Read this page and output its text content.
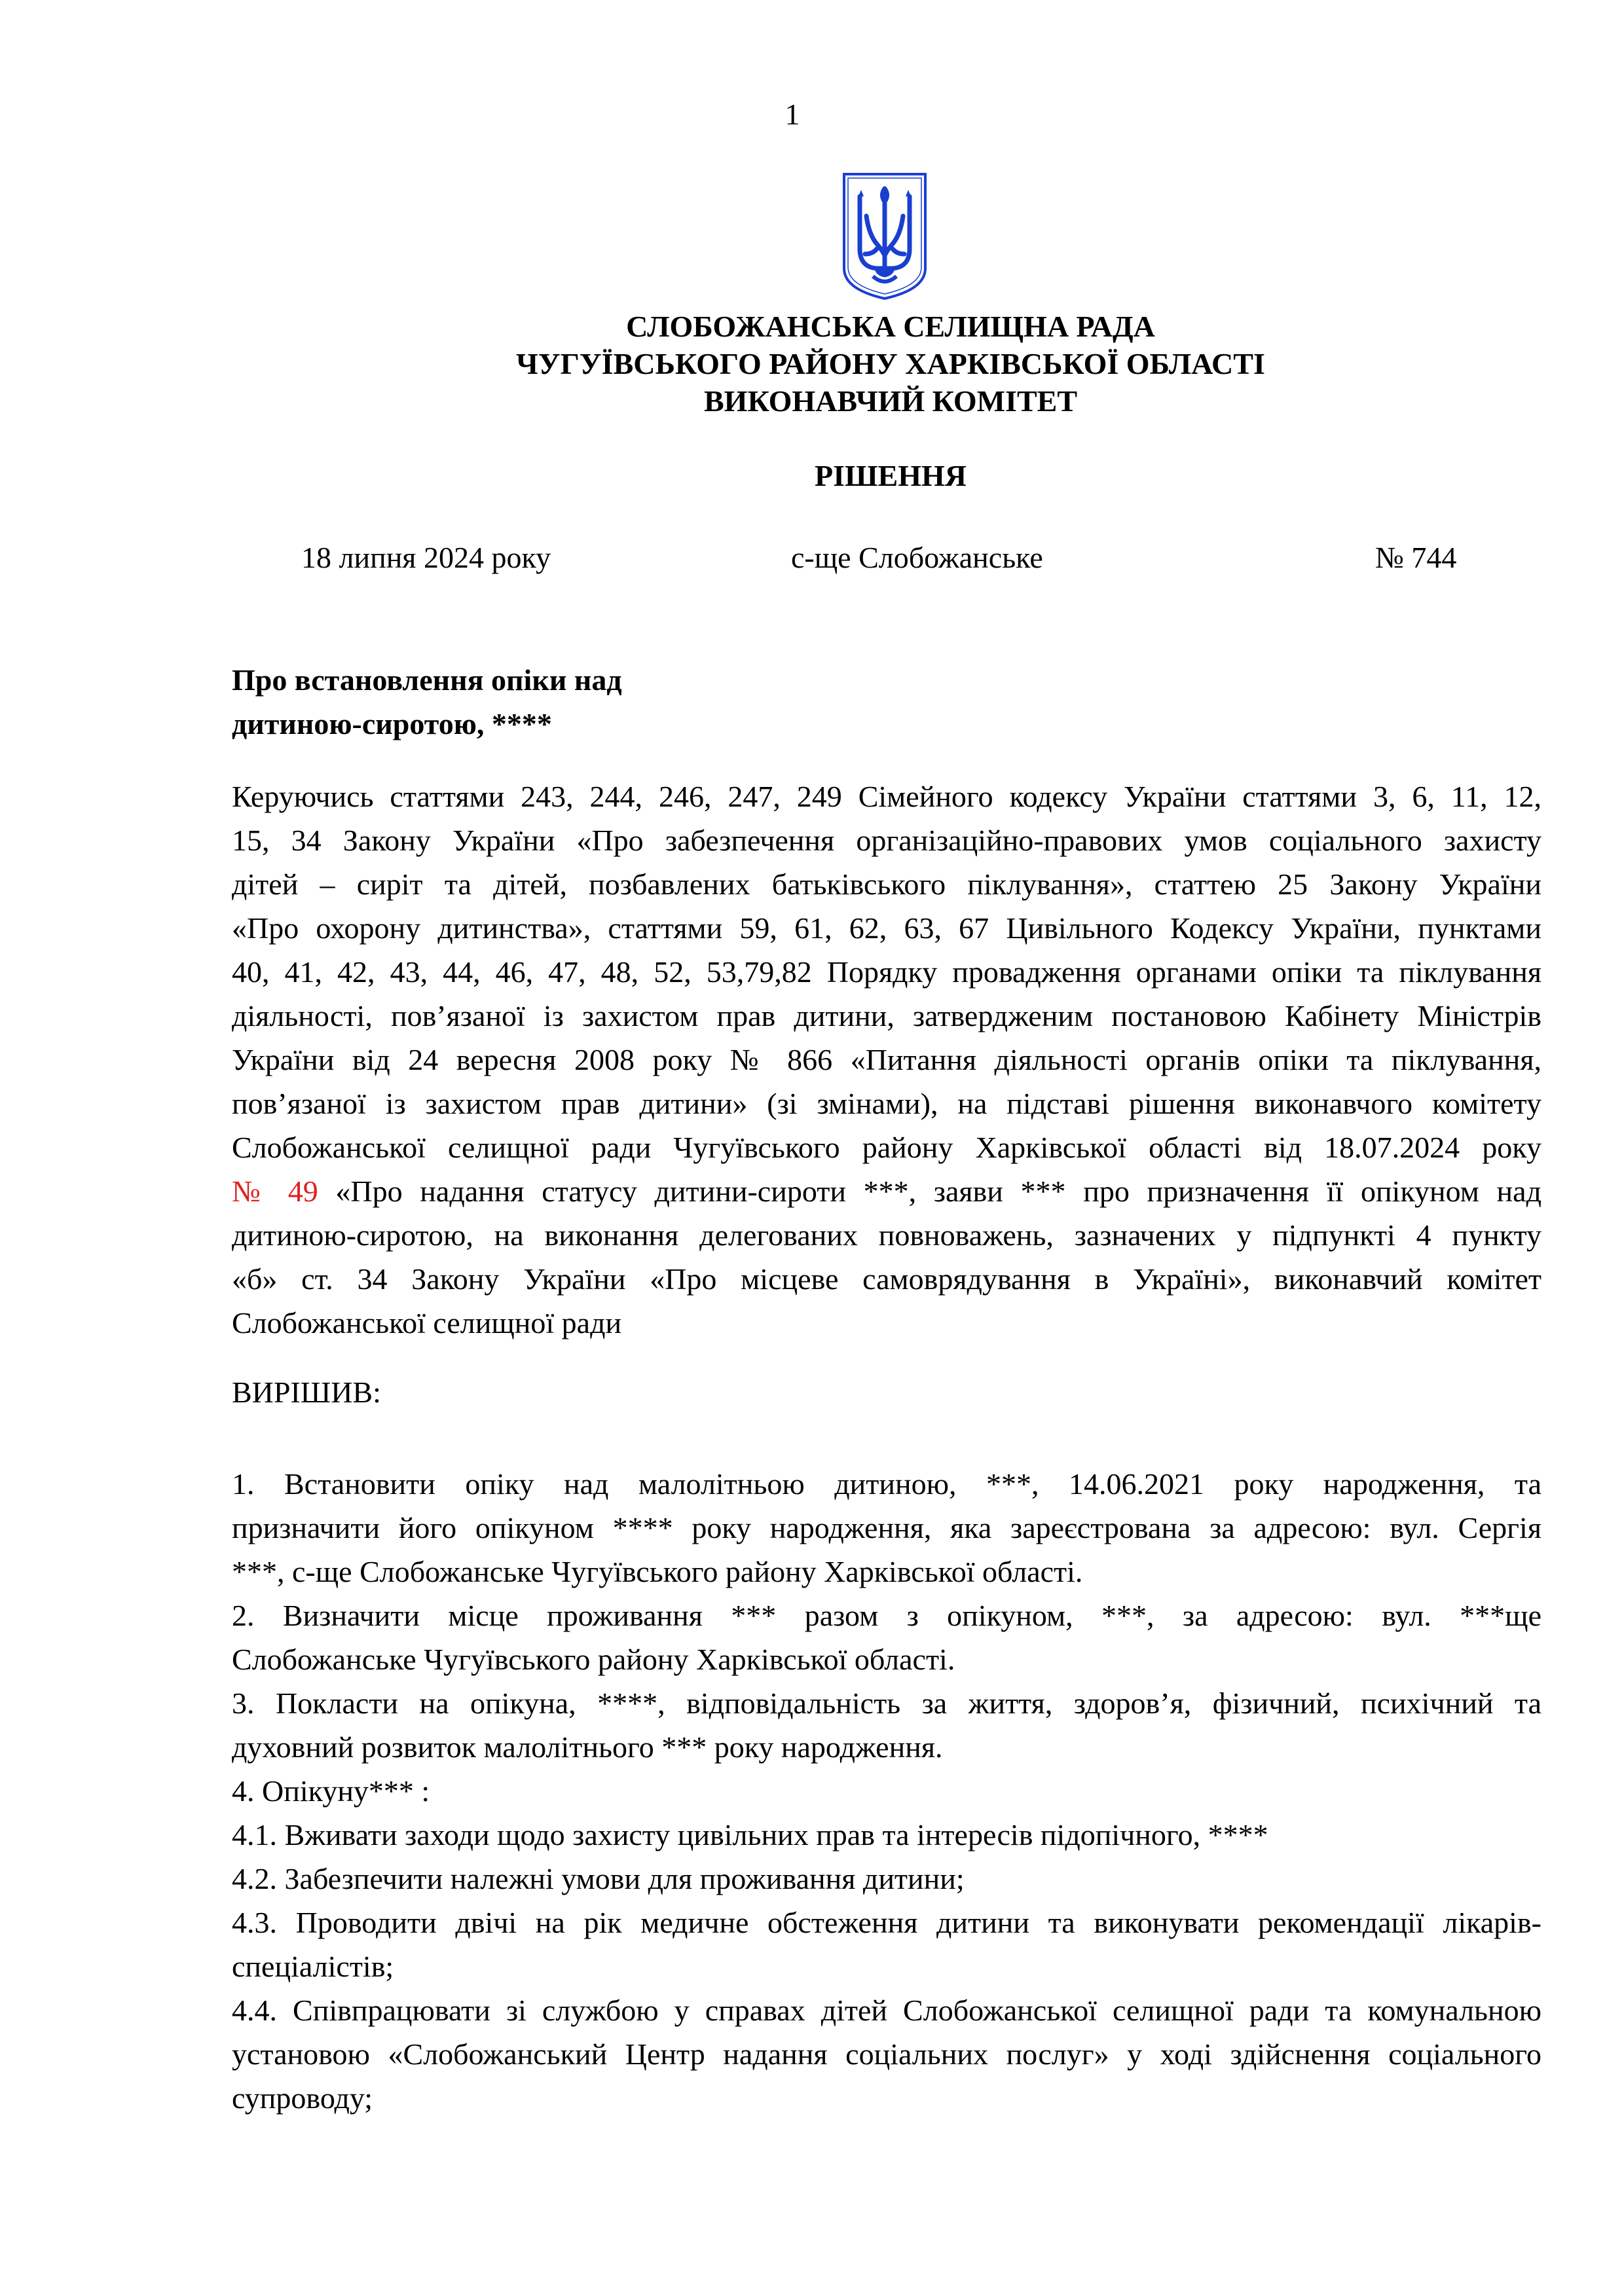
1
СЛОБОЖАНСЬКА СЕЛИЩНА РАДА
ЧУГУЇВСЬКОГО РАЙОНУ ХАРКІВСЬКОЇ ОБЛАСТІ
ВИКОНАВЧИЙ КОМІТЕТ
РІШЕННЯ
18 липня 2024 року	с-ще Слобожанське	№ 744
Про встановлення опіки над
дитиною-сиротою, ****
Керуючись статтями 243, 244, 246, 247, 249 Сімейного кодексу України статтями 3, 6, 11, 12,
15, 34 Закону України «Про забезпечення організаційно-правових умов соціального захисту
дітей – сиріт та дітей, позбавлених батьківського піклування», статтею 25 Закону України
«Про охорону дитинства», статтями 59, 61, 62, 63, 67 Цивільного Кодексу України, пунктами
40, 41, 42, 43, 44, 46, 47, 48, 52, 53,79,82 Порядку провадження органами опіки та піклування
діяльності, пов’язаної із захистом прав дитини, затвердженим постановою Кабінету Міністрів
України від 24 вересня 2008 року № 866 «Питання діяльності органів опіки та піклування,
пов’язаної із захистом прав дитини» (зі змінами), на підставі рішення виконавчого комітету
Слобожанської селищної ради Чугуївського району Харківської області від 18.07.2024 року
№ 49 «Про надання статусу дитини-сироти ***, заяви *** про призначення її опікуном над
дитиною-сиротою, на виконання делегованих повноважень, зазначених у підпункті 4 пункту
«б» ст. 34 Закону України «Про місцеве самоврядування в Україні», виконавчий комітет
Слобожанської селищної ради
ВИРІШИВ:
1. Встановити опіку над малолітньою дитиною, ***, 14.06.2021 року народження, та
призначити його опікуном **** року народження, яка зареєстрована за адресою: вул. Сергія
***, с-ще Слобожанське Чугуївського району Харківської області.
2. Визначити місце проживання *** разом з опікуном, ***, за адресою: вул. ***ще
Слобожанське Чугуївського району Харківської області.
3. Покласти на опікуна, ****, відповідальність за життя, здоров’я, фізичний, психічний та
духовний розвиток малолітнього *** року народження.
4. Опікуну*** :
4.1. Вживати заходи щодо захисту цивільних прав та інтересів підопічного, ****
4.2. Забезпечити належні умови для проживання дитини;
4.3. Проводити двічі на рік медичне обстеження дитини та виконувати рекомендації лікарів-
спеціалістів;
4.4. Співпрацювати зі службою у справах дітей Слобожанської селищної ради та комунальною
установою «Слобожанський Центр надання соціальних послуг» у ході здійснення соціального
супроводу;
